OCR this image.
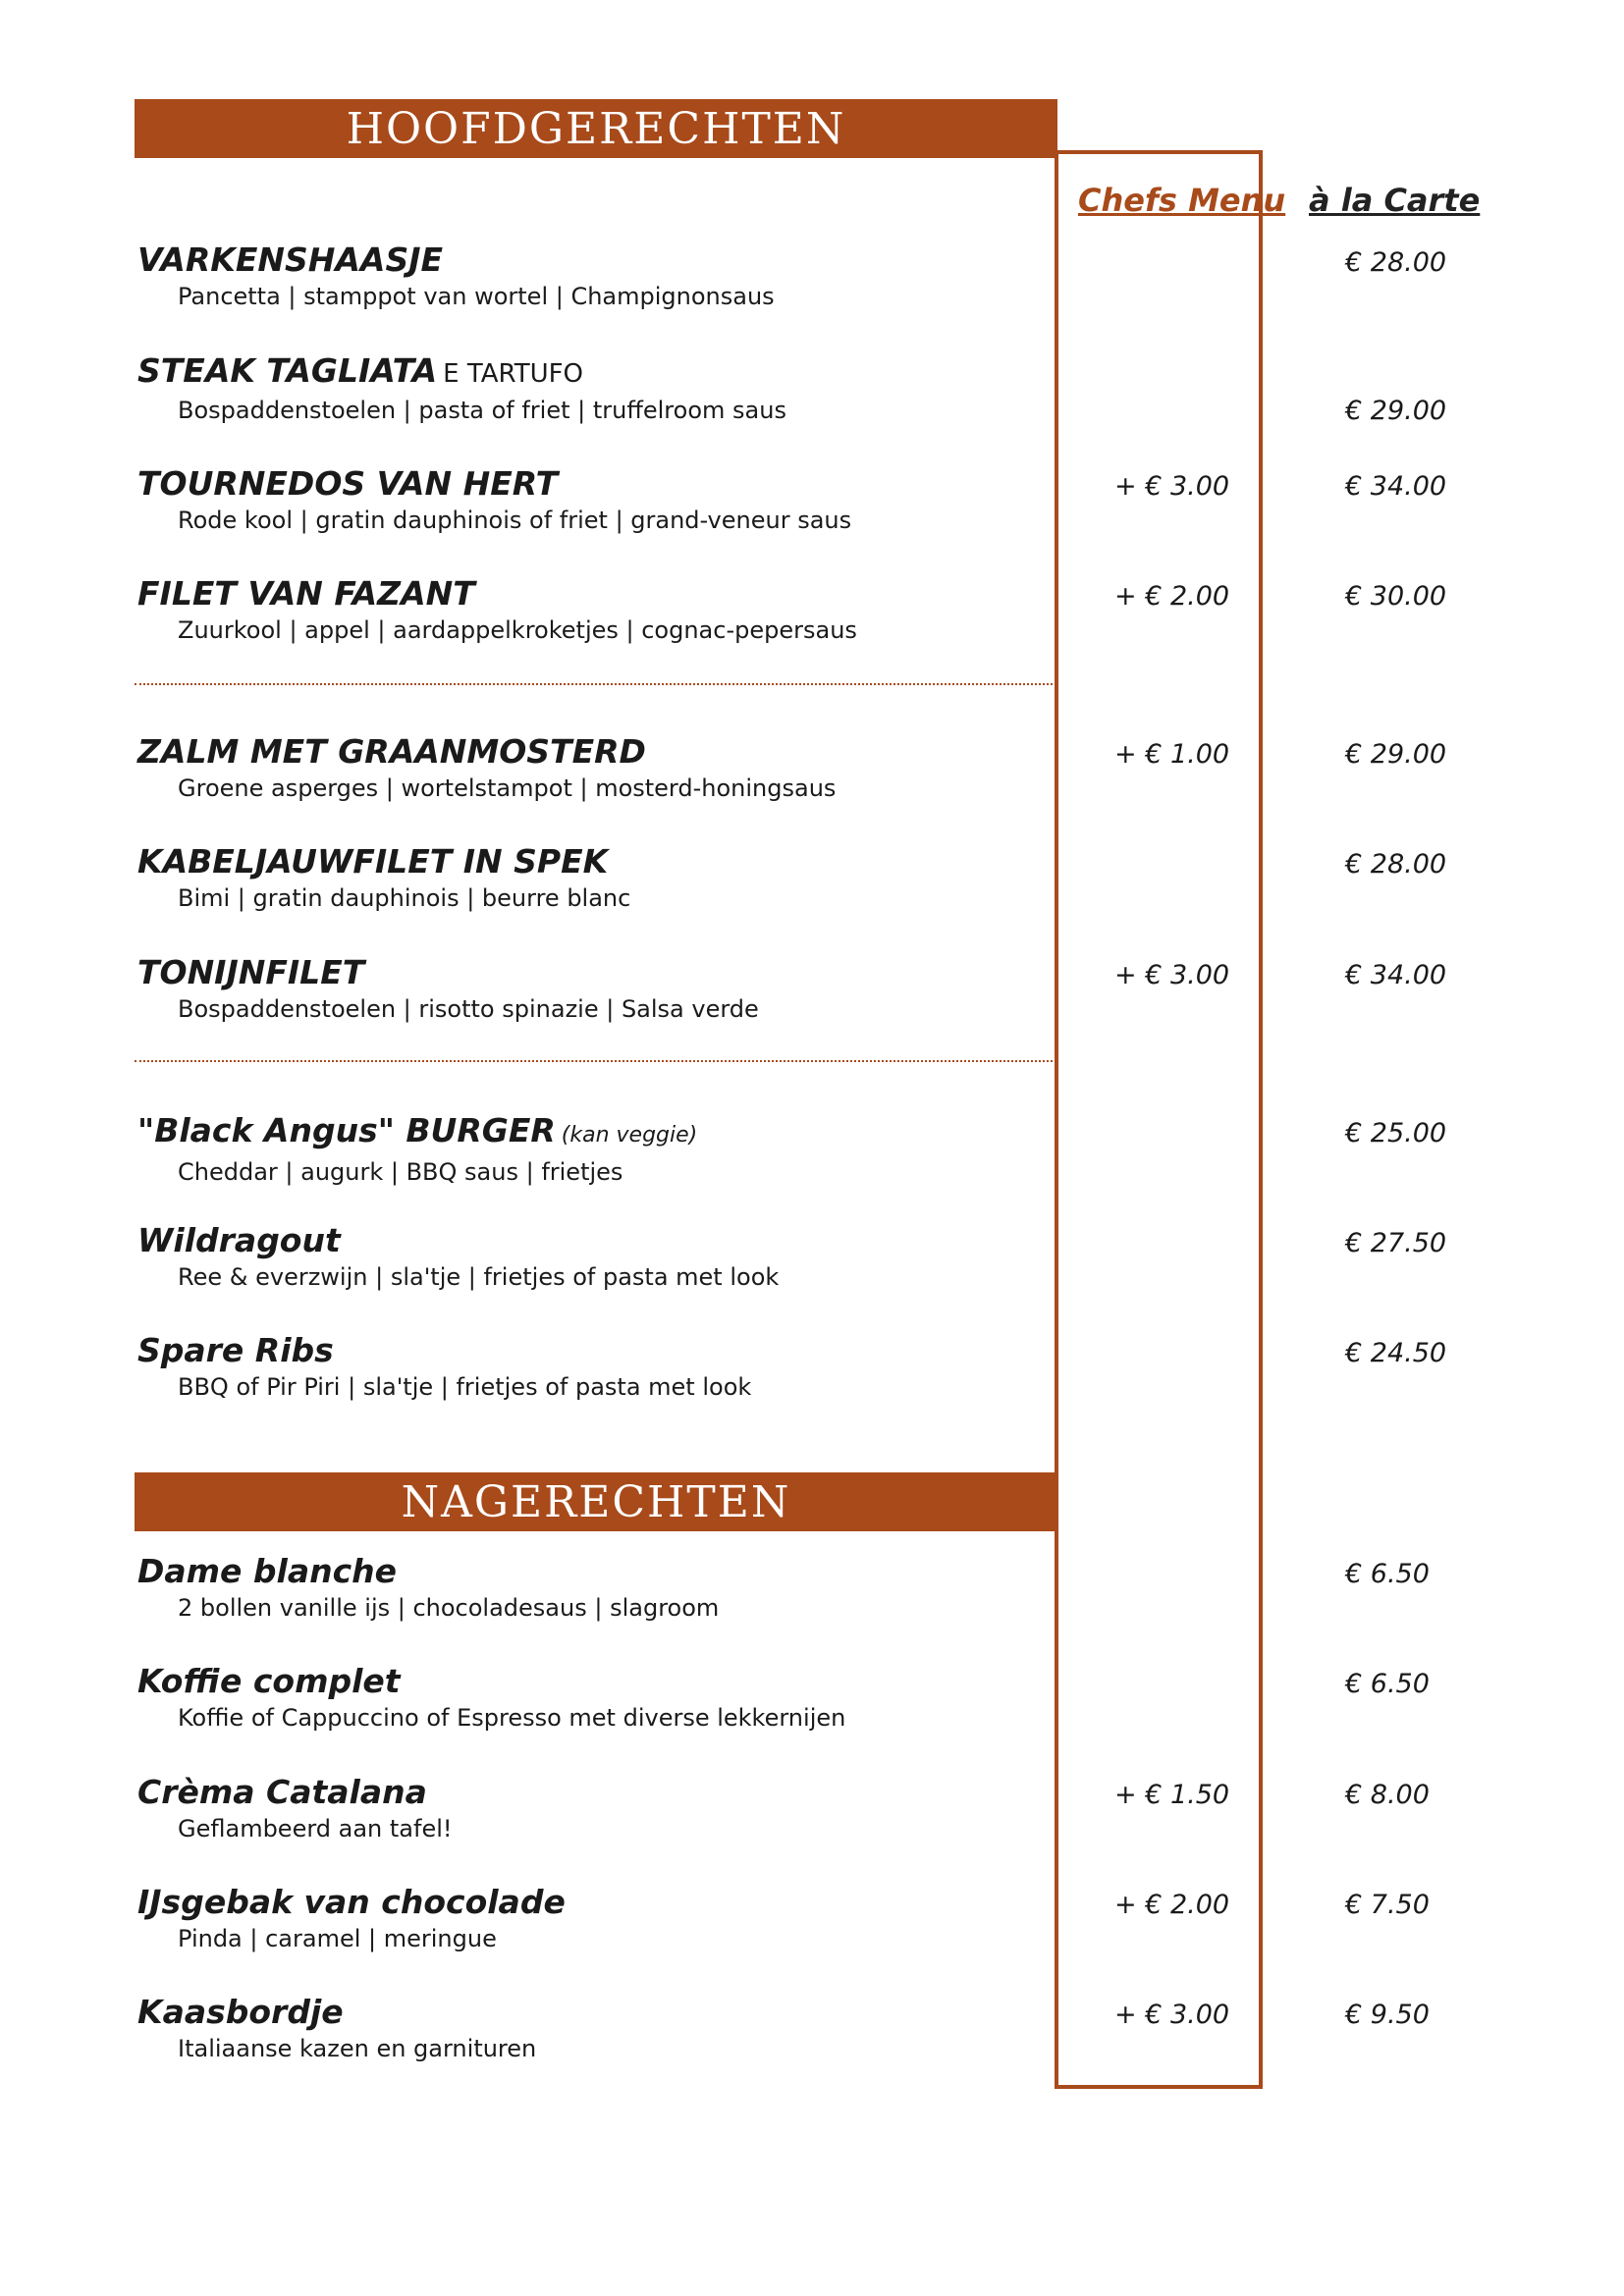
HOOFDGERECHTEN
Chefs Menu à la Carte
VARKENSHAASJE
Pancetta | stamppot van wortel | Champignonsaus
€ 28.00
STEAK TAGLIATA E TARTUFO
Bospaddenstoelen | pasta of friet | truffelroom saus	€ 29.00
TOURNEDOS VAN HERT
Rode kool | gratin dauphinois of friet | grand-veneur saus
+ € 3.00	€ 34.00
FILET VAN FAZANT
Zuurkool | appel | aardappelkroketjes | cognac-pepersaus
+ € 2.00	€ 30.00
ZALM MET GRAANMOSTERD
Groene asperges | wortelstampot | mosterd-honingsaus
+ € 1.00	€ 29.00
KABELJAUWFILET IN SPEK
Bimi | gratin dauphinois | beurre blanc
€ 28.00
TONIJNFILET
Bospaddenstoelen | risotto spinazie | Salsa verde
+ € 3.00	€ 34.00
"Black Angus" BURGER (kan veggie)
Cheddar | augurk | BBQ saus | frietjes
€ 25.00
Wildragout
Ree & everzwijn | sla'tje | frietjes of pasta met look
€ 27.50
Spare Ribs
BBQ of Pir Piri | sla'tje | frietjes of pasta met look
€ 24.50
NAGERECHTEN
Dame blanche
2 bollen vanille ijs | chocoladesaus | slagroom
€ 6.50
Koffie complet
Koffie of Cappuccino of Espresso met diverse lekkernijen
€ 6.50
Crèma Catalana
Geflambeerd aan tafel!
+ € 1.50	€ 8.00
IJsgebak van chocolade
Pinda | caramel | meringue
+ € 2.00	€ 7.50
Kaasbordje
Italiaanse kazen en garnituren
+ € 3.00	€ 9.50
